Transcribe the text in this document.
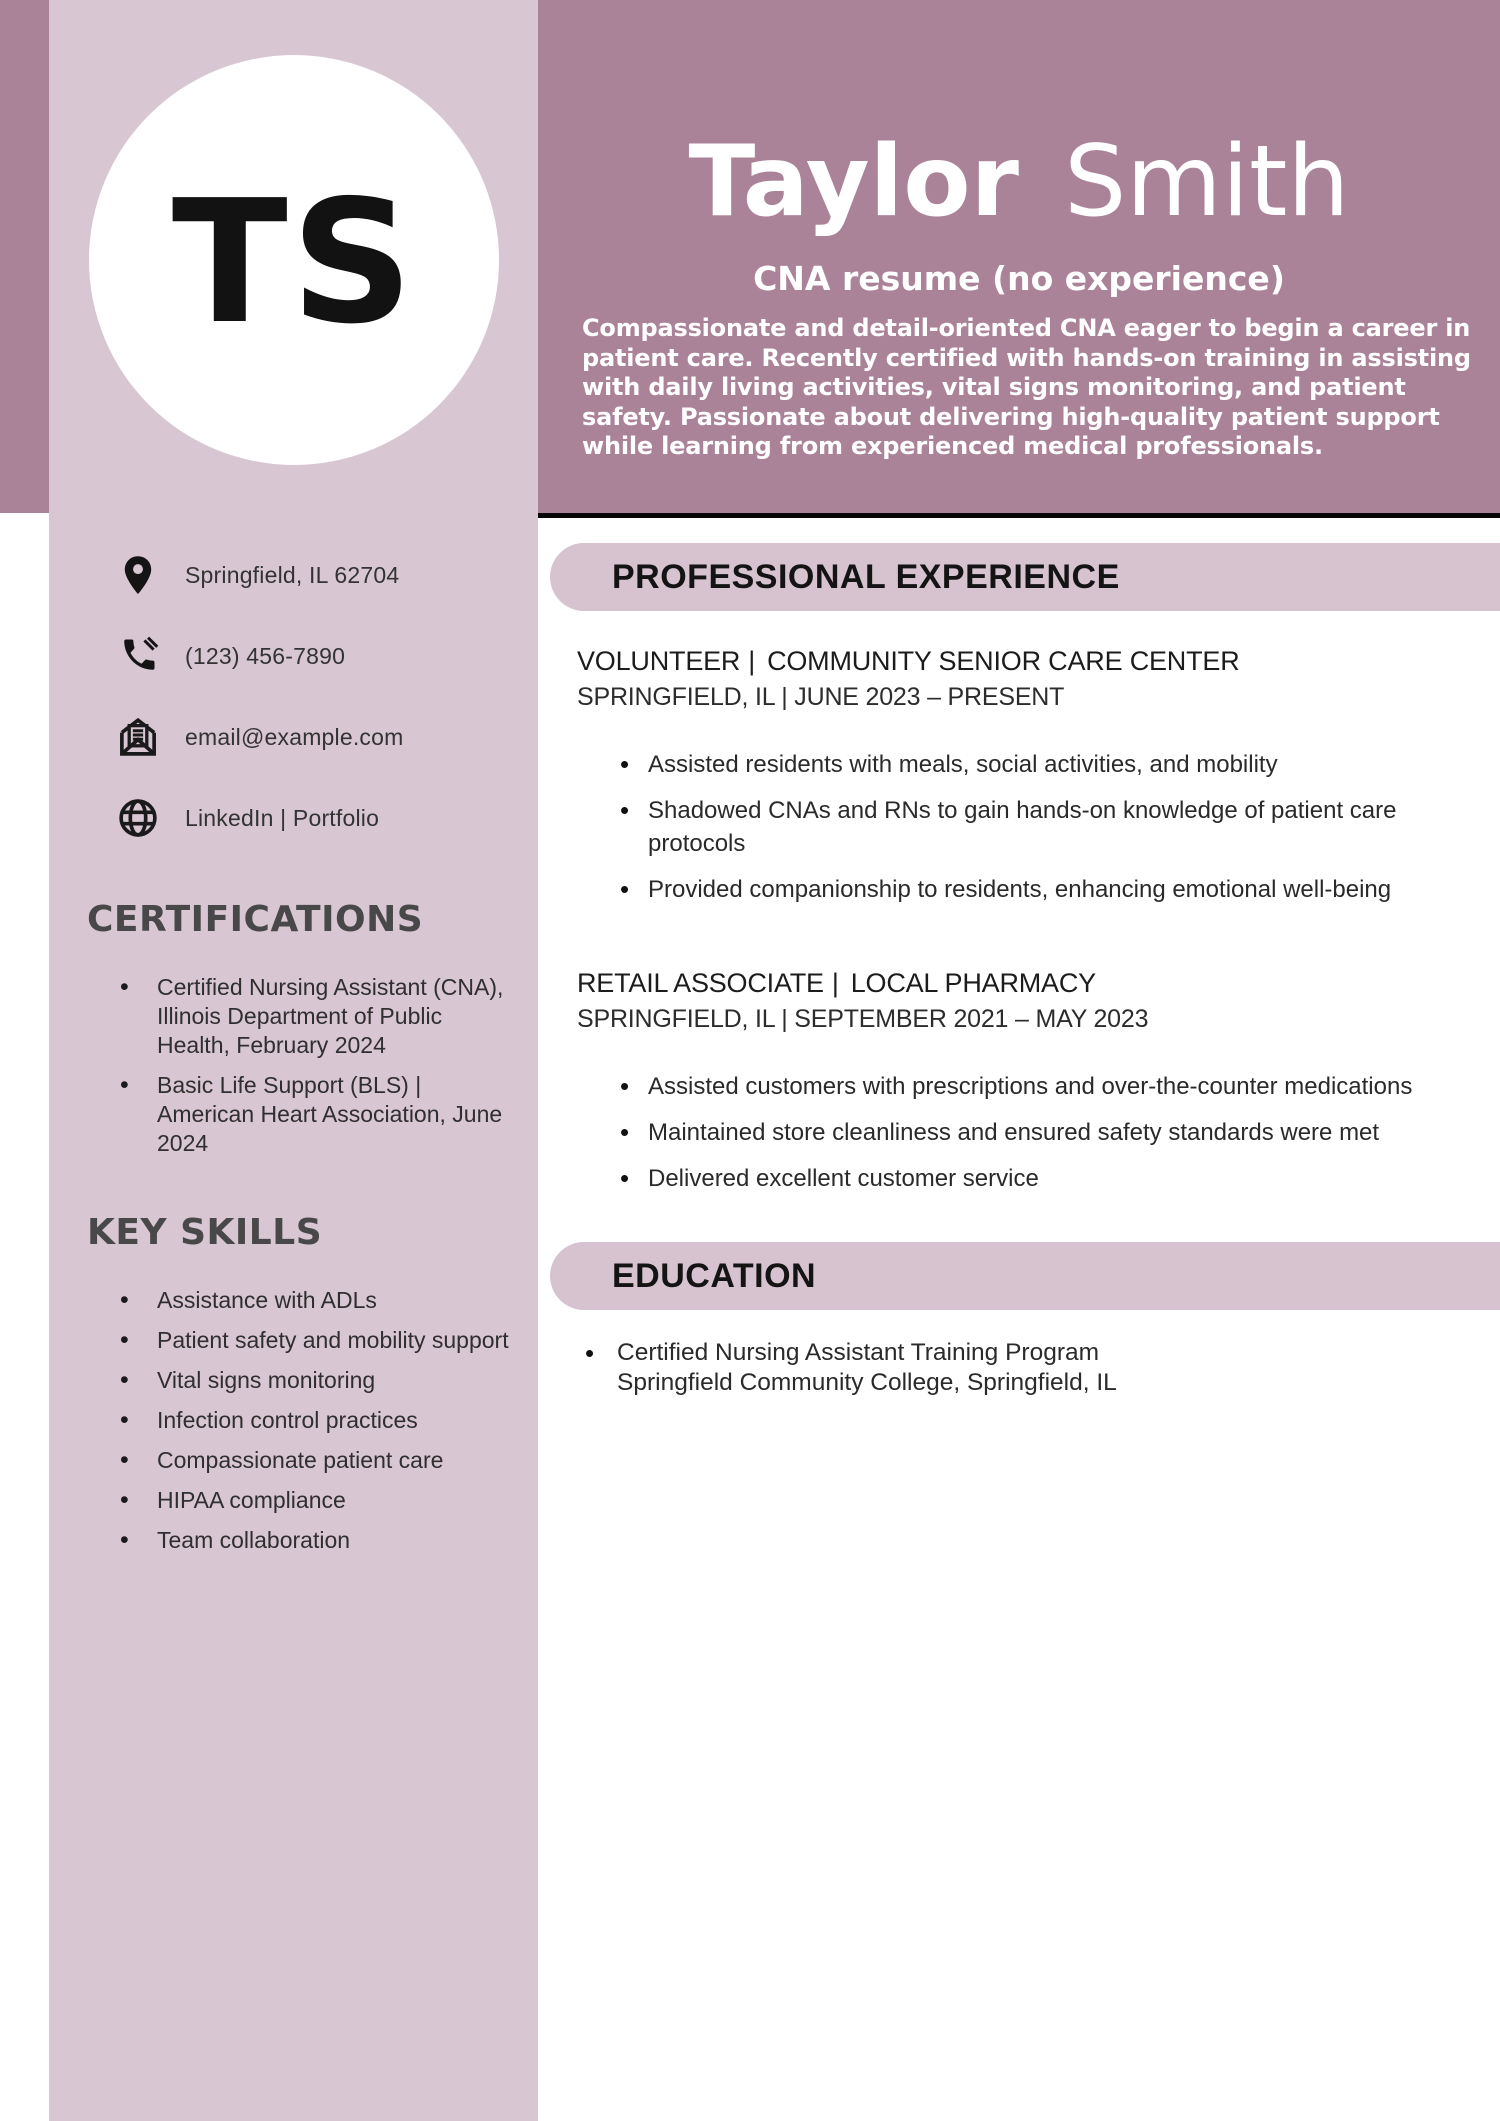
Taylor Smith
CNA resume (no experience)
Compassionate and detail-oriented CNA eager to begin a career in patient care. Recently certified with hands-on training in assisting with daily living activities, vital signs monitoring, and patient safety. Passionate about delivering high-quality patient support while learning from experienced medical professionals.
TS
Springfield, IL 62704
(123) 456-7890
email@example.com
LinkedIn | Portfolio
CERTIFICATIONS
• Certified Nursing Assistant (CNA), Illinois Department of Public Health, February 2024
• Basic Life Support (BLS) | American Heart Association, June 2024
KEY SKILLS
• Assistance with ADLs
• Patient safety and mobility support
• Vital signs monitoring
• Infection control practices
• Compassionate patient care
• HIPAA compliance
• Team collaboration
PROFESSIONAL EXPERIENCE
VOLUNTEER | COMMUNITY SENIOR CARE CENTER
SPRINGFIELD, IL | JUNE 2023 – PRESENT
• Assisted residents with meals, social activities, and mobility
• Shadowed CNAs and RNs to gain hands-on knowledge of patient care protocols
• Provided companionship to residents, enhancing emotional well-being
RETAIL ASSOCIATE | LOCAL PHARMACY
SPRINGFIELD, IL | SEPTEMBER 2021 – MAY 2023
• Assisted customers with prescriptions and over-the-counter medications
• Maintained store cleanliness and ensured safety standards were met
• Delivered excellent customer service
EDUCATION
• Certified Nursing Assistant Training Program
Springfield Community College, Springfield, IL
